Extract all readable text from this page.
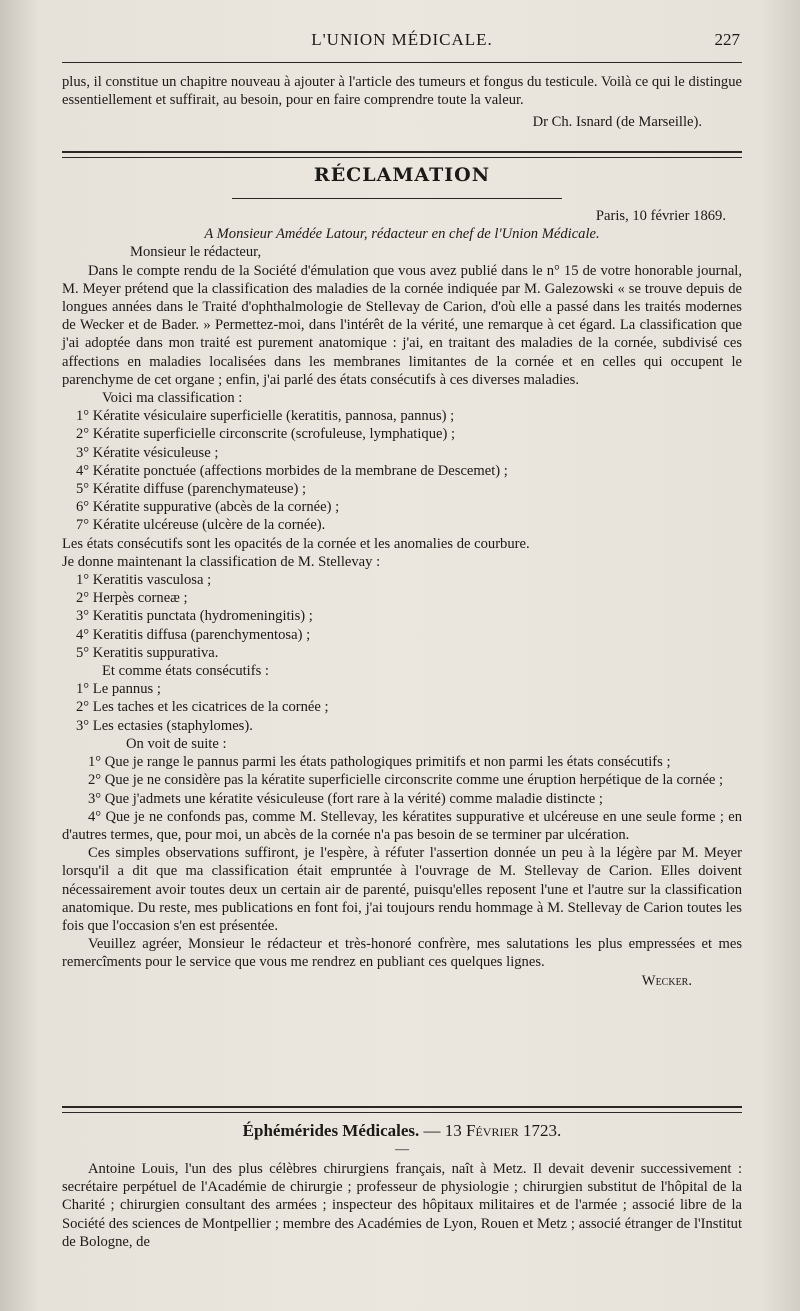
L'UNION MÉDICALE.	227

plus, il constitue un chapitre nouveau à ajouter à l'article des tumeurs et fongus du testicule. Voilà ce qui le distingue essentiellement et suffirait, au besoin, pour en faire comprendre toute la valeur.

Dr Ch. Isnard (de Marseille).

RÉCLAMATION

Paris, 10 février 1869.

A Monsieur Amédée Latour, rédacteur en chef de l'Union Médicale.

Monsieur le rédacteur,

Dans le compte rendu de la Société d'émulation que vous avez publié dans le n° 15 de votre honorable journal, M. Meyer prétend que la classification des maladies de la cornée indiquée par M. Galezowski « se trouve depuis de longues années dans le Traité d'ophthalmologie de Stellevay de Carion, d'où elle a passé dans les traités modernes de Wecker et de Bader. » Permettez-moi, dans l'intérêt de la vérité, une remarque à cet égard. La classification que j'ai adoptée dans mon traité est purement anatomique : j'ai, en traitant des maladies de la cornée, subdivisé ces affections en maladies localisées dans les membranes limitantes de la cornée et en celles qui occupent le parenchyme de cet organe ; enfin, j'ai parlé des états consécutifs à ces diverses maladies.

Voici ma classification :

1° Kératite vésiculaire superficielle (keratitis, pannosa, pannus) ;

2° Kératite superficielle circonscrite (scrofuleuse, lymphatique) ;

3° Kératite vésiculeuse ;

4° Kératite ponctuée (affections morbides de la membrane de Descemet) ;

5° Kératite diffuse (parenchymateuse) ;

6° Kératite suppurative (abcès de la cornée) ;

7° Kératite ulcéreuse (ulcère de la cornée).

Les états consécutifs sont les opacités de la cornée et les anomalies de courbure.

Je donne maintenant la classification de M. Stellevay :

1° Keratitis vasculosa ;

2° Herpès corneæ ;

3° Keratitis punctata (hydromeningitis) ;

4° Keratitis diffusa (parenchymentosa) ;

5° Keratitis suppurativa.

Et comme états consécutifs :

1° Le pannus ;

2° Les taches et les cicatrices de la cornée ;

3° Les ectasies (staphylomes).

On voit de suite :

1° Que je range le pannus parmi les états pathologiques primitifs et non parmi les états consécutifs ;

2° Que je ne considère pas la kératite superficielle circonscrite comme une éruption herpétique de la cornée ;

3° Que j'admets une kératite vésiculeuse (fort rare à la vérité) comme maladie distincte ;

4° Que je ne confonds pas, comme M. Stellevay, les kératites suppurative et ulcéreuse en une seule forme ; en d'autres termes, que, pour moi, un abcès de la cornée n'a pas besoin de se terminer par ulcération.

Ces simples observations suffiront, je l'espère, à réfuter l'assertion donnée un peu à la légère par M. Meyer lorsqu'il a dit que ma classification était empruntée à l'ouvrage de M. Stellevay de Carion. Elles doivent nécessairement avoir toutes deux un certain air de parenté, puisqu'elles reposent l'une et l'autre sur la classification anatomique. Du reste, mes publications en font foi, j'ai toujours rendu hommage à M. Stellevay de Carion toutes les fois que l'occasion s'en est présentée.

Veuillez agréer, Monsieur le rédacteur et très-honoré confrère, mes salutations les plus empressées et mes remercîments pour le service que vous me rendrez en publiant ces quelques lignes.

Wecker.

Éphémérides Médicales. — 13 Février 1723.
—

Antoine Louis, l'un des plus célèbres chirurgiens français, naît à Metz. Il devait devenir successivement : secrétaire perpétuel de l'Académie de chirurgie ; professeur de physiologie ; chirurgien substitut de l'hôpital de la Charité ; chirurgien consultant des armées ; inspecteur des hôpitaux militaires et de l'armée ; associé libre de la Société des sciences de Montpellier ; membre des Académies de Lyon, Rouen et Metz ; associé étranger de l'Institut de Bologne, de
